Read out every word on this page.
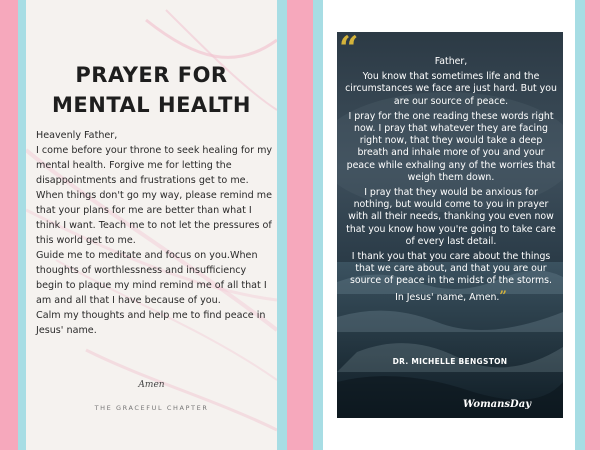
PRAYER FOR
MENTAL HEALTH

Heavenly Father,

I come before your throne to seek healing for my mental health. Forgive me for letting the disappointments and frustrations get to me. When things don't go my way, please remind me that your plans for me are better than what I think I want. Teach me to not let the pressures of this world get to me.

Guide me to meditate and focus on you.When thoughts of worthlessness and insufficiency begin to plaque my mind remind me of all that I am and all that I have because of you.

Calm my thoughts and help me to find peace in Jesus' name.

Amen
THE GRACEFUL CHAPTER
“	Father,

You know that sometimes life and the circumstances we face are just hard. But you are our source of peace.

I pray for the one reading these words right now. I pray that whatever they are facing right now, that they would take a deep breath and inhale more of you and your peace while exhaling any of the worries that weigh them down.

I pray that they would be anxious for nothing, but would come to you in prayer with all their needs, thanking you even now that you know how you're going to take care of every last detail.

I thank you that you care about the things that we care about, and that you are our source of peace in the midst of the storms.

In Jesus' name, Amen.”

DR. MICHELLE BENGSTON
WomansDay
